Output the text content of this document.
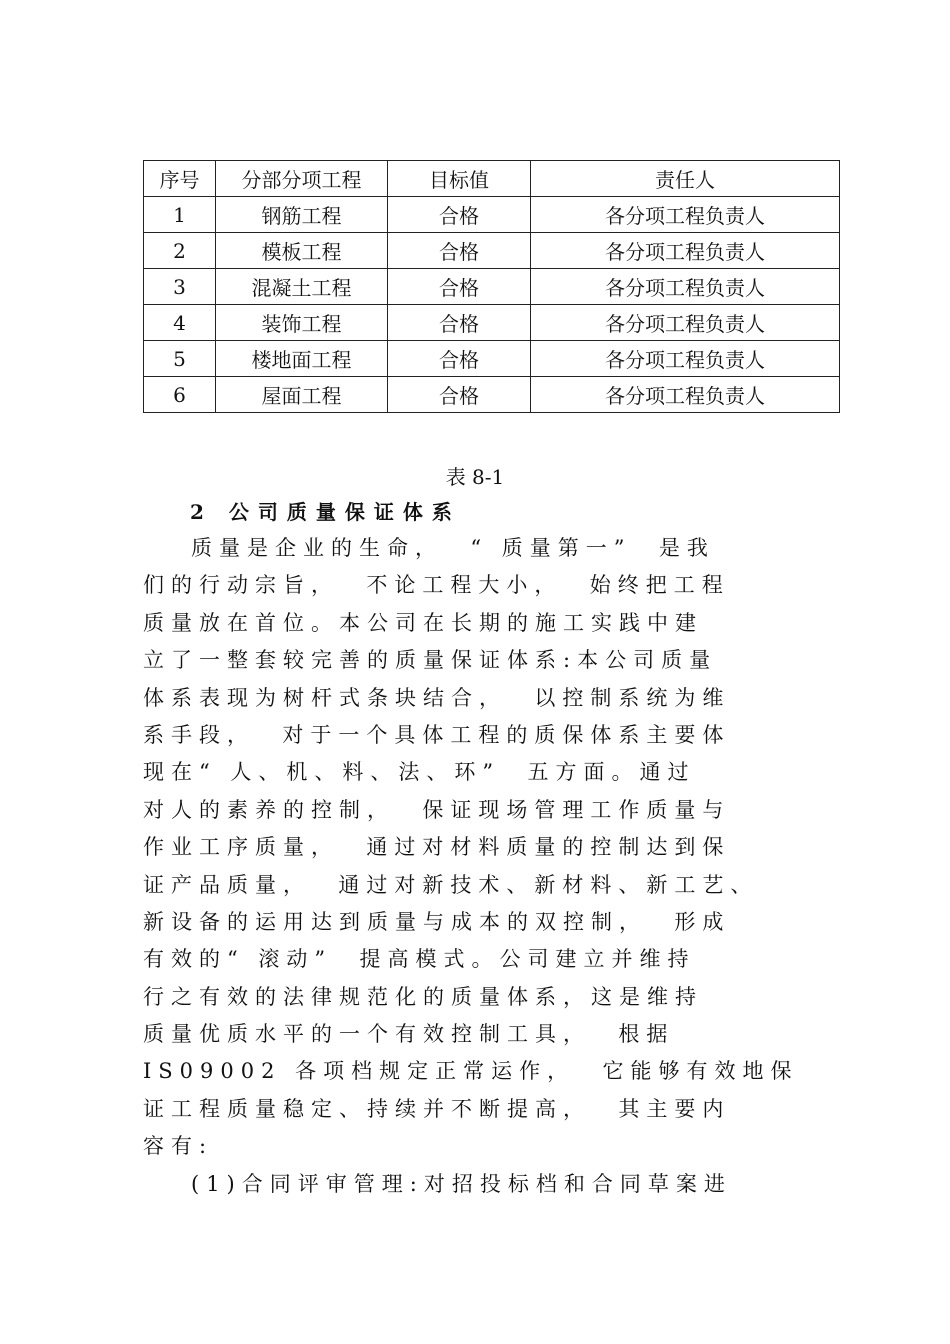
序号	分部分项工程	目标值	责任人
1	钢筋工程	合格	各分项工程负责人
2	模板工程	合格	各分项工程负责人
3	混凝土工程	合格	各分项工程负责人
4	装饰工程	合格	各分项工程负责人
5	楼地面工程	合格	各分项工程负责人
6	屋面工程	合格	各分项工程负责人
表 8-1
2 公司质量保证体系
质量是企业的生命，  “ 质量第一”  是我
们的行动宗旨，  不论工程大小，  始终把工程
质量放在首位。本公司在长期的施工实践中建
立了一整套较完善的质量保证体系:本公司质量
体系表现为树杆式条块结合，  以控制系统为维
系手段，  对于一个具体工程的质保体系主要体
现在“ 人、机、料、法、环”  五方面。通过
对人的素养的控制，  保证现场管理工作质量与
作业工序质量，  通过对材料质量的控制达到保
证产品质量，  通过对新技术、新材料、新工艺、
新设备的运用达到质量与成本的双控制，  形成
有效的“ 滚动”  提高模式。公司建立并维持
行之有效的法律规范化的质量体系，这是维持
质量优质水平的一个有效控制工具，  根据
IS09002 各项档规定正常运作，  它能够有效地保
证工程质量稳定、持续并不断提高，  其主要内
容有:
(1)合同评审管理:对招投标档和合同草案进
